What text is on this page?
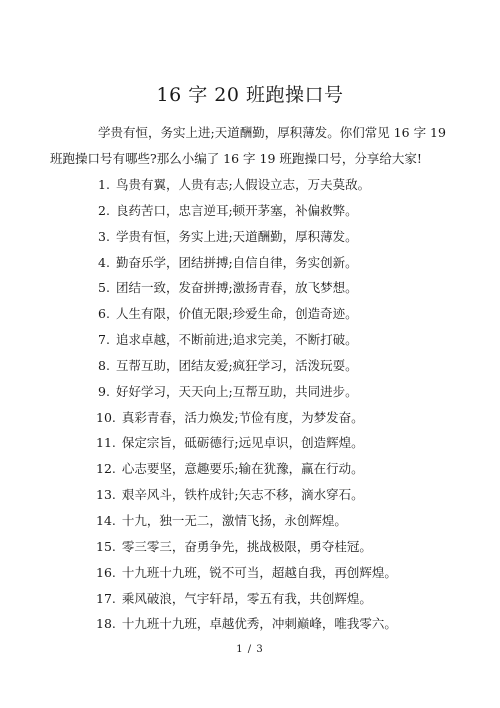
16 字 20 班跑操口号
学贵有恒，务实上进;天道酬勤，厚积薄发。你们常见 16 字 19
班跑操口号有哪些?那么小编了 16 字 19 班跑操口号，分享给大家!
1. 鸟贵有翼，人贵有志;人假设立志，万夫莫敌。
2. 良药苦口，忠言逆耳;顿开茅塞，补偏救弊。
3. 学贵有恒，务实上进;天道酬勤，厚积薄发。
4. 勤奋乐学，团结拼搏;自信自律，务实创新。
5. 团结一致，发奋拼搏;激扬青春，放飞梦想。
6. 人生有限，价值无限;珍爱生命，创造奇迹。
7. 追求卓越，不断前进;追求完美，不断打破。
8. 互帮互助，团结友爱;疯狂学习，活泼玩耍。
9. 好好学习，天天向上;互帮互助，共同进步。
10. 真彩青春，活力焕发;节俭有度，为梦发奋。
11. 保定宗旨，砥砺德行;远见卓识，创造辉煌。
12. 心志要坚，意趣要乐;输在犹豫，赢在行动。
13. 艰辛风斗，铁杵成针;矢志不移，滴水穿石。
14. 十九，独一无二，激情飞扬，永创辉煌。
15. 零三零三，奋勇争先，挑战极限，勇夺桂冠。
16. 十九班十九班，锐不可当，超越自我，再创辉煌。
17. 乘风破浪，气宇轩昂，零五有我，共创辉煌。
18. 十九班十九班，卓越优秀，冲刺巅峰，唯我零六。
1 / 3
